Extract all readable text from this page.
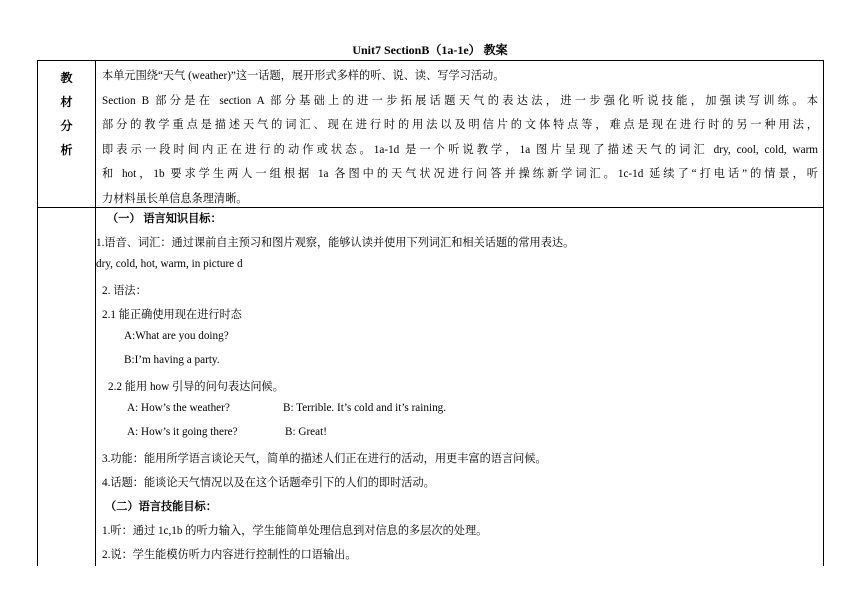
Unit7 SectionB（1a-1e） 教案
教
材
分
析
本单元围绕“天气 (weather)”这一话题，展开形式多样的听、说、读、写学习活动。
Section B 部分是在 section A 部分基础上的进一步拓展话题天气的表达法，进一步强化听说技能，加强读写训练。本
部分的教学重点是描述天气的词汇、现在进行时的用法以及明信片的文体特点等，难点是现在进行时的另一种用法，
即表示一段时间内正在进行的动作或状态。1a-1d 是一个听说教学，1a 图片呈现了描述天气的词汇 dry, cool, cold, warm
和 hot，1b 要求学生两人一组根据 1a 各图中的天气状况进行问答并操练新学词汇。1c-1d 延续了“打电话”的情景，听
力材料虽长单信息条理清晰。
（一） 语言知识目标：
1.语音、词汇：通过课前自主预习和图片观察，能够认读并使用下列词汇和相关话题的常用表达。
dry, cold, hot, warm, in picture d
2. 语法：
2.1 能正确使用现在进行时态
A:What are you doing?
B:I’m having a party.
2.2 能用 how 引导的问句表达问候。
A: How’s the weather?	B: Terrible. It’s cold and it’s raining.
A: How’s it going there?	B: Great!
3.功能：能用所学语言谈论天气，简单的描述人们正在进行的活动，用更丰富的语言问候。
4.话题：能谈论天气情况以及在这个话题牵引下的人们的即时活动。
（二）语言技能目标：
1.听：通过 1c,1b 的听力输入，学生能简单处理信息到对信息的多层次的处理。
2.说：学生能模仿听力内容进行控制性的口语输出。
